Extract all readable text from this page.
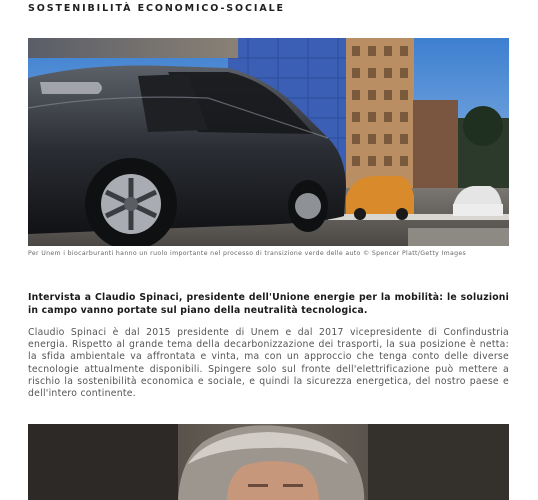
SOSTENIBILITÀ ECONOMICO-SOCIALE
Per Unem i biocarburanti hanno un ruolo importante nel processo di transizione verde delle auto © Spencer Platt/Getty Images
Intervista a Claudio Spinaci, presidente dell'Unione energie per la mobilità: le soluzioni in campo vanno portate sul piano della neutralità tecnologica.
Claudio Spinaci è dal 2015 presidente di Unem e dal 2017 vicepresidente di Confindustria energia. Rispetto al grande tema della decarbonizzazione dei trasporti, la sua posizione è netta: la sfida ambientale va affrontata e vinta, ma con un approccio che tenga conto delle diverse tecnologie attualmente disponibili. Spingere solo sul fronte dell'elettrificazione può mettere a rischio la sostenibilità economica e sociale, e quindi la sicurezza energetica, del nostro paese e dell'intero continente.
